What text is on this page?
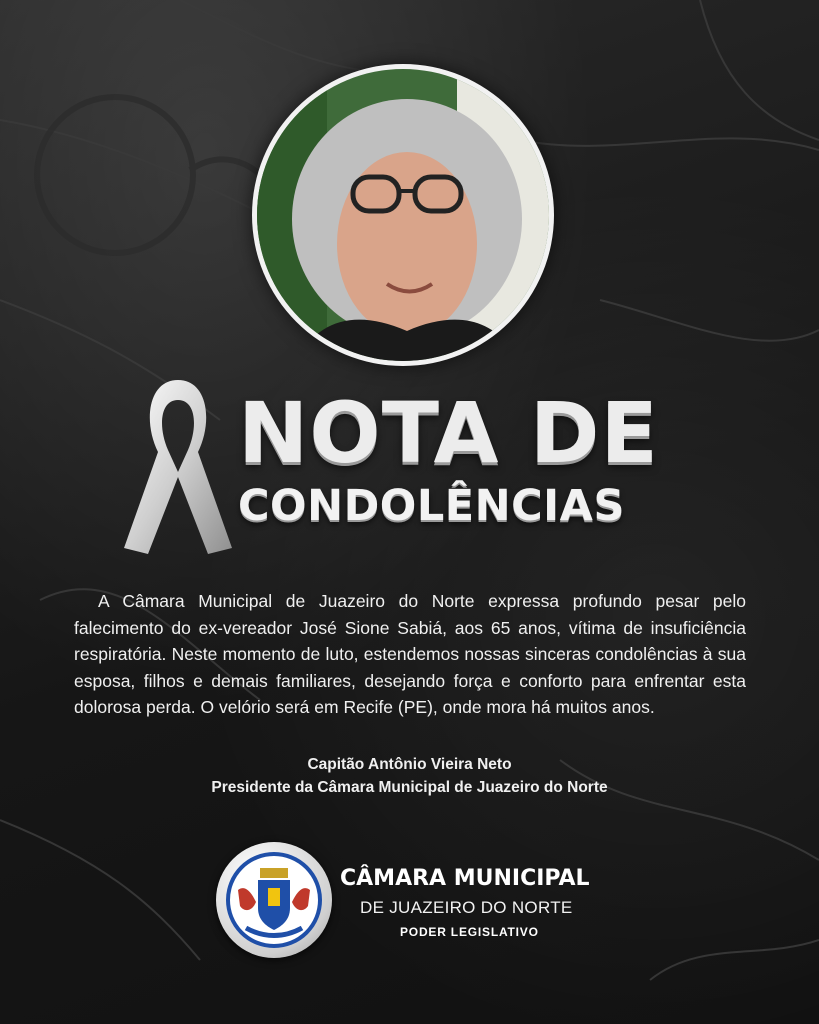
NOTA DE
CONDOLÊNCIAS

A Câmara Municipal de Juazeiro do Norte expressa profundo pesar pelo falecimento do ex-vereador José Sione Sabiá, aos 65 anos, vítima de insuficiência respiratória. Neste momento de luto, estendemos nossas sinceras condolências à sua esposa, filhos e demais familiares, desejando força e conforto para enfrentar esta dolorosa perda. O velório será em Recife (PE), onde mora há muitos anos.

Capitão Antônio Vieira Neto
Presidente da Câmara Municipal de Juazeiro do Norte
CÂMARA MUNICIPAL
DE JUAZEIRO DO NORTE
PODER LEGISLATIVO
